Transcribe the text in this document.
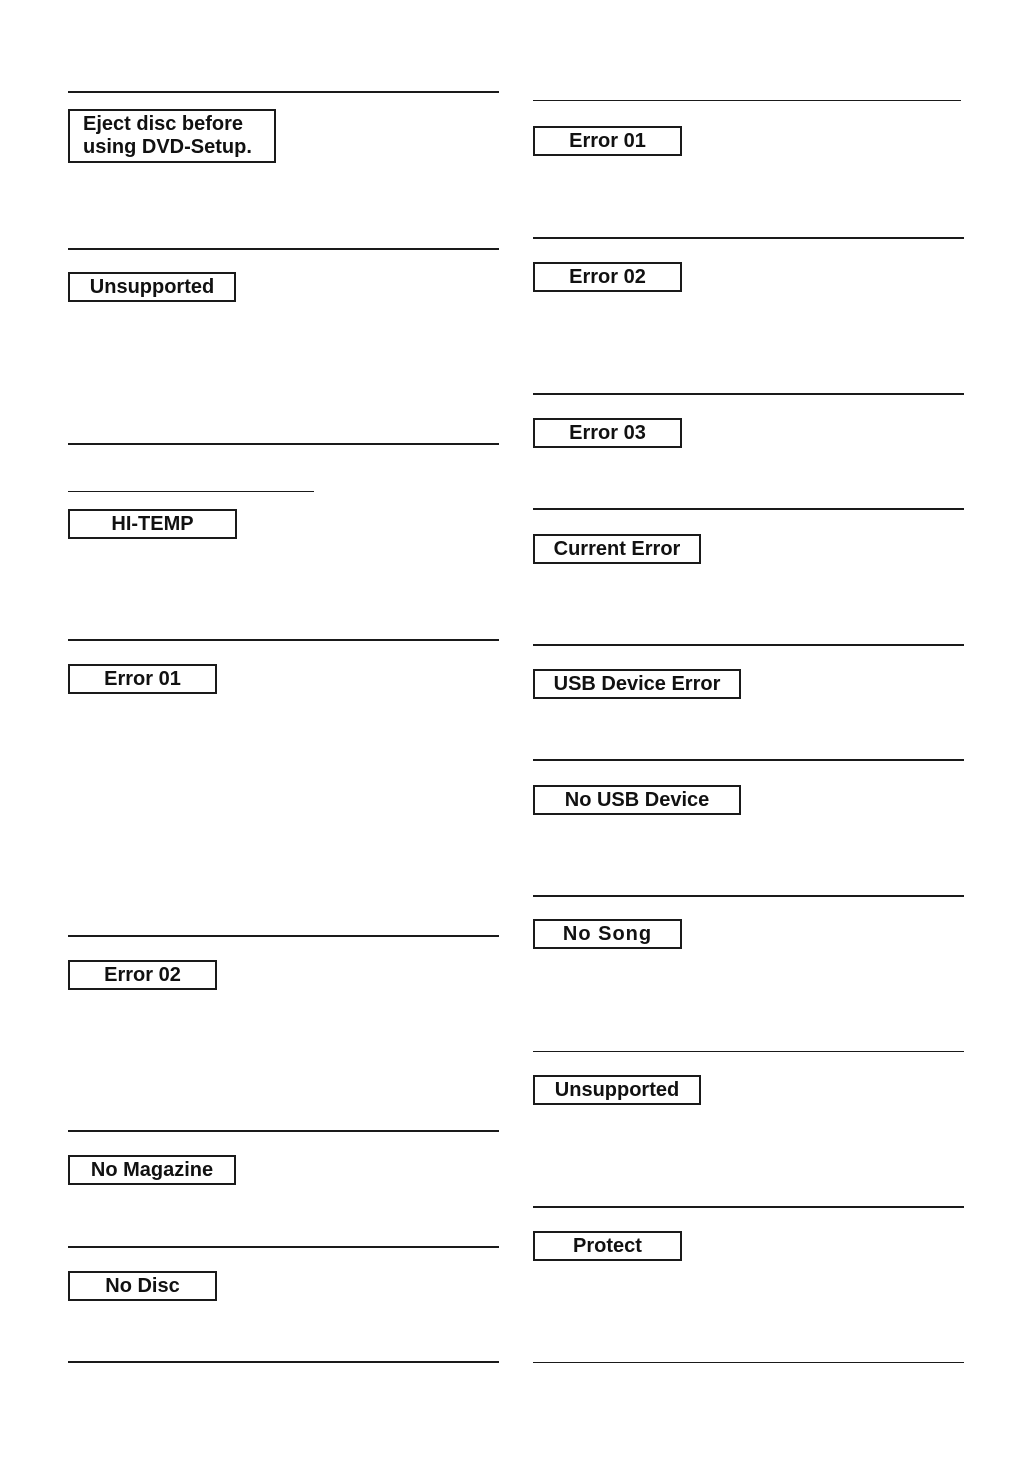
Eject disc before
using DVD-Setup.
Unsupported
HI-TEMP
Error 01
Error 02
No Magazine
No Disc
Error 01
Error 02
Error 03
Current Error
USB Device Error
No USB Device
No Song
Unsupported
Protect
